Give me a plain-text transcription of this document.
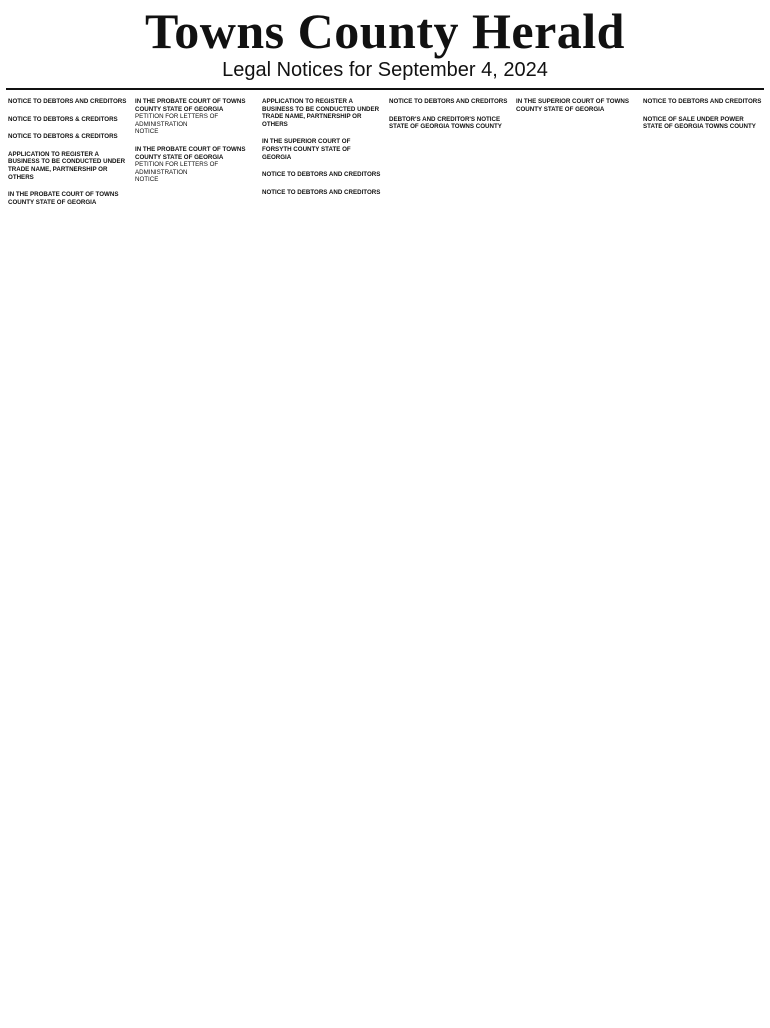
Towns County Herald
Legal Notices for September 4, 2024

NOTICE TO DEBTORS AND CREDITORS

NOTICE TO DEBTORS & CREDITORS

NOTICE TO DEBTORS & CREDITORS

APPLICATION TO REGISTER A BUSINESS TO BE CONDUCTED UNDER TRADE NAME, PARTNERSHIP OR OTHERS

IN THE PROBATE COURT OF TOWNS COUNTY STATE OF GEORGIA

IN THE PROBATE COURT OF TOWNS COUNTY STATE OF GEORGIA

PETITION FOR LETTERS OF ADMINISTRATION

NOTICE

IN THE PROBATE COURT OF TOWNS COUNTY STATE OF GEORGIA

PETITION FOR LETTERS OF ADMINISTRATION

NOTICE

APPLICATION TO REGISTER A BUSINESS TO BE CONDUCTED UNDER TRADE NAME, PARTNERSHIP OR OTHERS

IN THE SUPERIOR COURT OF FORSYTH COUNTY STATE OF GEORGIA

NOTICE TO DEBTORS AND CREDITORS

NOTICE TO DEBTORS AND CREDITORS

NOTICE TO DEBTORS AND CREDITORS

DEBTOR'S AND CREDITOR'S NOTICE STATE OF GEORGIA TOWNS COUNTY

IN THE SUPERIOR COURT OF TOWNS COUNTY STATE OF GEORGIA

NOTICE TO DEBTORS AND CREDITORS

NOTICE OF SALE UNDER POWER STATE OF GEORGIA TOWNS COUNTY
